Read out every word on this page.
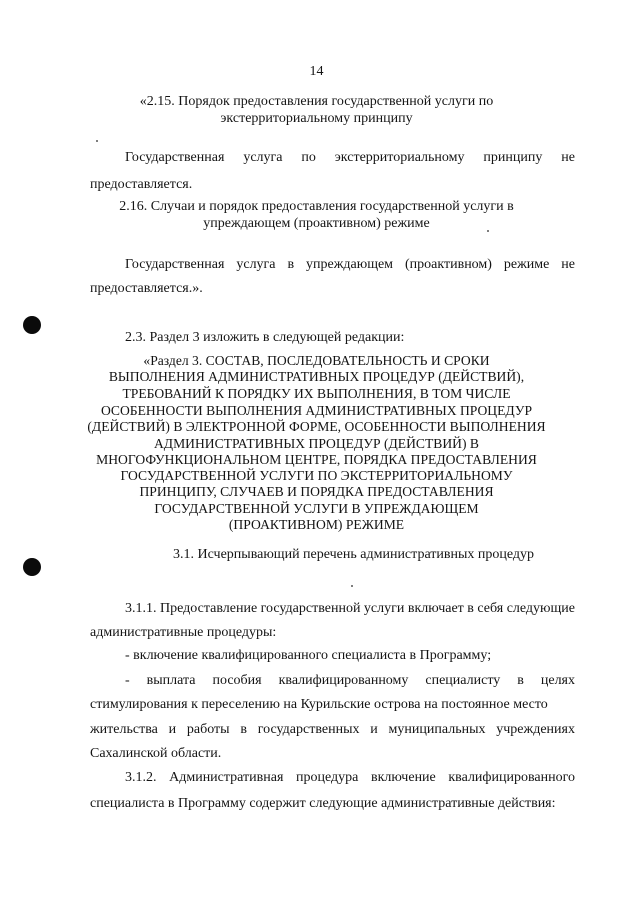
14
«2.15. Порядок предоставления государственной услуги по
экстерриториальному принципу
Государственная услуга по экстерриториальному принципу не
предоставляется.
2.16. Случаи и порядок предоставления государственной услуги в
упреждающем (проактивном) режиме
Государственная услуга в упреждающем (проактивном) режиме не
предоставляется.».
2.3. Раздел 3 изложить в следующей редакции:
«Раздел 3. СОСТАВ, ПОСЛЕДОВАТЕЛЬНОСТЬ И СРОКИ
ВЫПОЛНЕНИЯ АДМИНИСТРАТИВНЫХ ПРОЦЕДУР (ДЕЙСТВИЙ),
ТРЕБОВАНИЙ К ПОРЯДКУ ИХ ВЫПОЛНЕНИЯ, В ТОМ ЧИСЛЕ
ОСОБЕННОСТИ ВЫПОЛНЕНИЯ АДМИНИСТРАТИВНЫХ ПРОЦЕДУР
(ДЕЙСТВИЙ) В ЭЛЕКТРОННОЙ ФОРМЕ, ОСОБЕННОСТИ ВЫПОЛНЕНИЯ
АДМИНИСТРАТИВНЫХ ПРОЦЕДУР (ДЕЙСТВИЙ) В
МНОГОФУНКЦИОНАЛЬНОМ ЦЕНТРЕ, ПОРЯДКА ПРЕДОСТАВЛЕНИЯ
ГОСУДАРСТВЕННОЙ УСЛУГИ ПО ЭКСТЕРРИТОРИАЛЬНОМУ
ПРИНЦИПУ, СЛУЧАЕВ И ПОРЯДКА ПРЕДОСТАВЛЕНИЯ
ГОСУДАРСТВЕННОЙ УСЛУГИ В УПРЕЖДАЮЩЕМ
(ПРОАКТИВНОМ) РЕЖИМЕ
3.1. Исчерпывающий перечень административных процедур
3.1.1. Предоставление государственной услуги включает в себя следующие
административные процедуры:
- включение квалифицированного специалиста в Программу;
- выплата пособия квалифицированному специалисту в целях
стимулирования к переселению на Курильские острова на постоянное место
жительства и работы в государственных и муниципальных учреждениях
Сахалинской области.
3.1.2. Административная процедура включение квалифицированного
специалиста в Программу содержит следующие административные действия:
